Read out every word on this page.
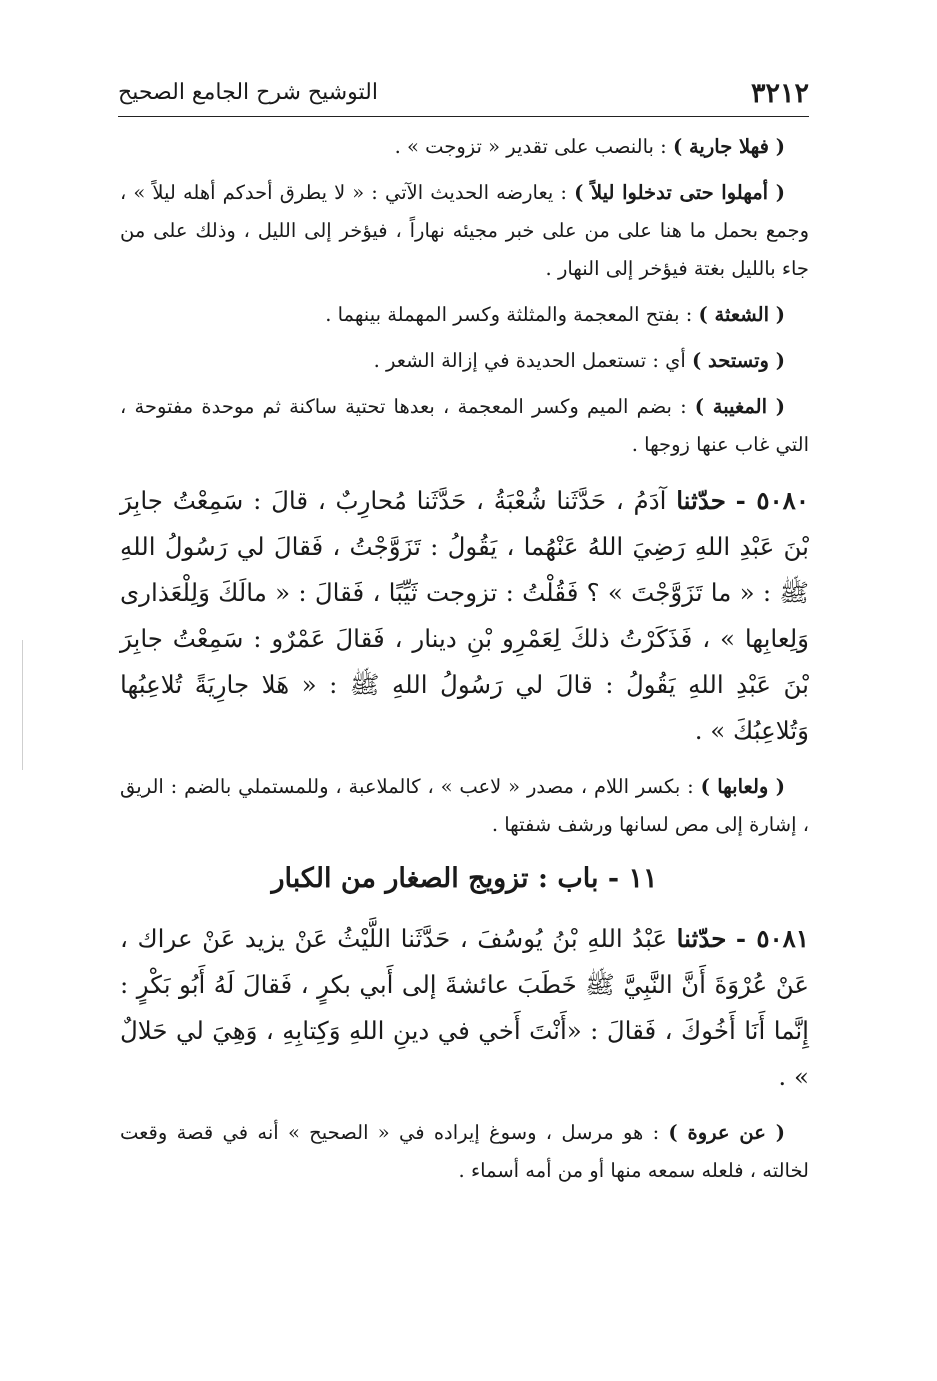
٣٢١٢
التوشيح شرح الجامع الصحيح

( فهلا جارية ) : بالنصب على تقدير « تزوجت » .

( أمهلوا حتى تدخلوا ليلاً ) : يعارضه الحديث الآتي : « لا يطرق أحدكم أهله ليلاً » ، وجمع بحمل ما هنا على من على خبر مجيئه نهاراً ، فيؤخر إلى الليل ، وذلك على من جاء بالليل بغتة فيؤخر إلى النهار .

( الشعثة ) : بفتح المعجمة والمثلثة وكسر المهملة بينهما .

( وتستحد ) أي : تستعمل الحديدة في إزالة الشعر .

( المغيبة ) : بضم الميم وكسر المعجمة ، بعدها تحتية ساكنة ثم موحدة مفتوحة ، التي غاب عنها زوجها .

٥٠٨٠ - حدّثنا آدَمُ ، حَدَّثَنا شُعْبَةُ ، حَدَّثَنا مُحارِبٌ ، قالَ : سَمِعْتُ جابِرَ بْنَ عَبْدِ اللهِ رَضِيَ اللهُ عَنْهُما ، يَقُولُ : تَزَوَّجْتُ ، فَقالَ لي رَسُولُ اللهِ ﷺ : « ما تَزَوَّجْتَ » ؟ فَقُلْتُ : تزوجت ثَيِّبًا ، فَقالَ : « مالَكَ وَلِلْعَذارى وَلِعابِها » ، فَذَكَرْتُ ذلكَ لِعَمْرِو بْنِ دينار ، فَقالَ عَمْرٌو : سَمِعْتُ جابِرَ بْنَ عَبْدِ اللهِ يَقُولُ : قالَ لي رَسُولُ اللهِ ﷺ : « هَلا جارِيَةً تُلاعِبُها وَتُلاعِبُكَ » .

( ولعابها ) : بكسر اللام ، مصدر « لاعب » ، كالملاعبة ، وللمستملي بالضم : الريق ، إشارة إلى مص لسانها ورشف شفتها .

١١ - باب : تزويج الصغار من الكبار

٥٠٨١ - حدّثنا عَبْدُ اللهِ بْنُ يُوسُفَ ، حَدَّثَنا اللَّيْثُ عَنْ يزيد عَنْ عراك ، عَنْ عُرْوَةَ أَنَّ النَّبِيَّ ﷺ خَطَبَ عائشةَ إلى أَبي بكرٍ ، فَقالَ لَهُ أَبُو بَكْرٍ : إِنَّما أَنَا أَخُوكَ ، فَقالَ : «أَنْتَ أَخي في دينِ اللهِ وَكِتابِهِ ، وَهِيَ لي حَلالٌ » .

( عن عروة ) : هو مرسل ، وسوغ إيراده في « الصحيح » أنه في قصة وقعت لخالته ، فلعله سمعه منها أو من أمه أسماء .
